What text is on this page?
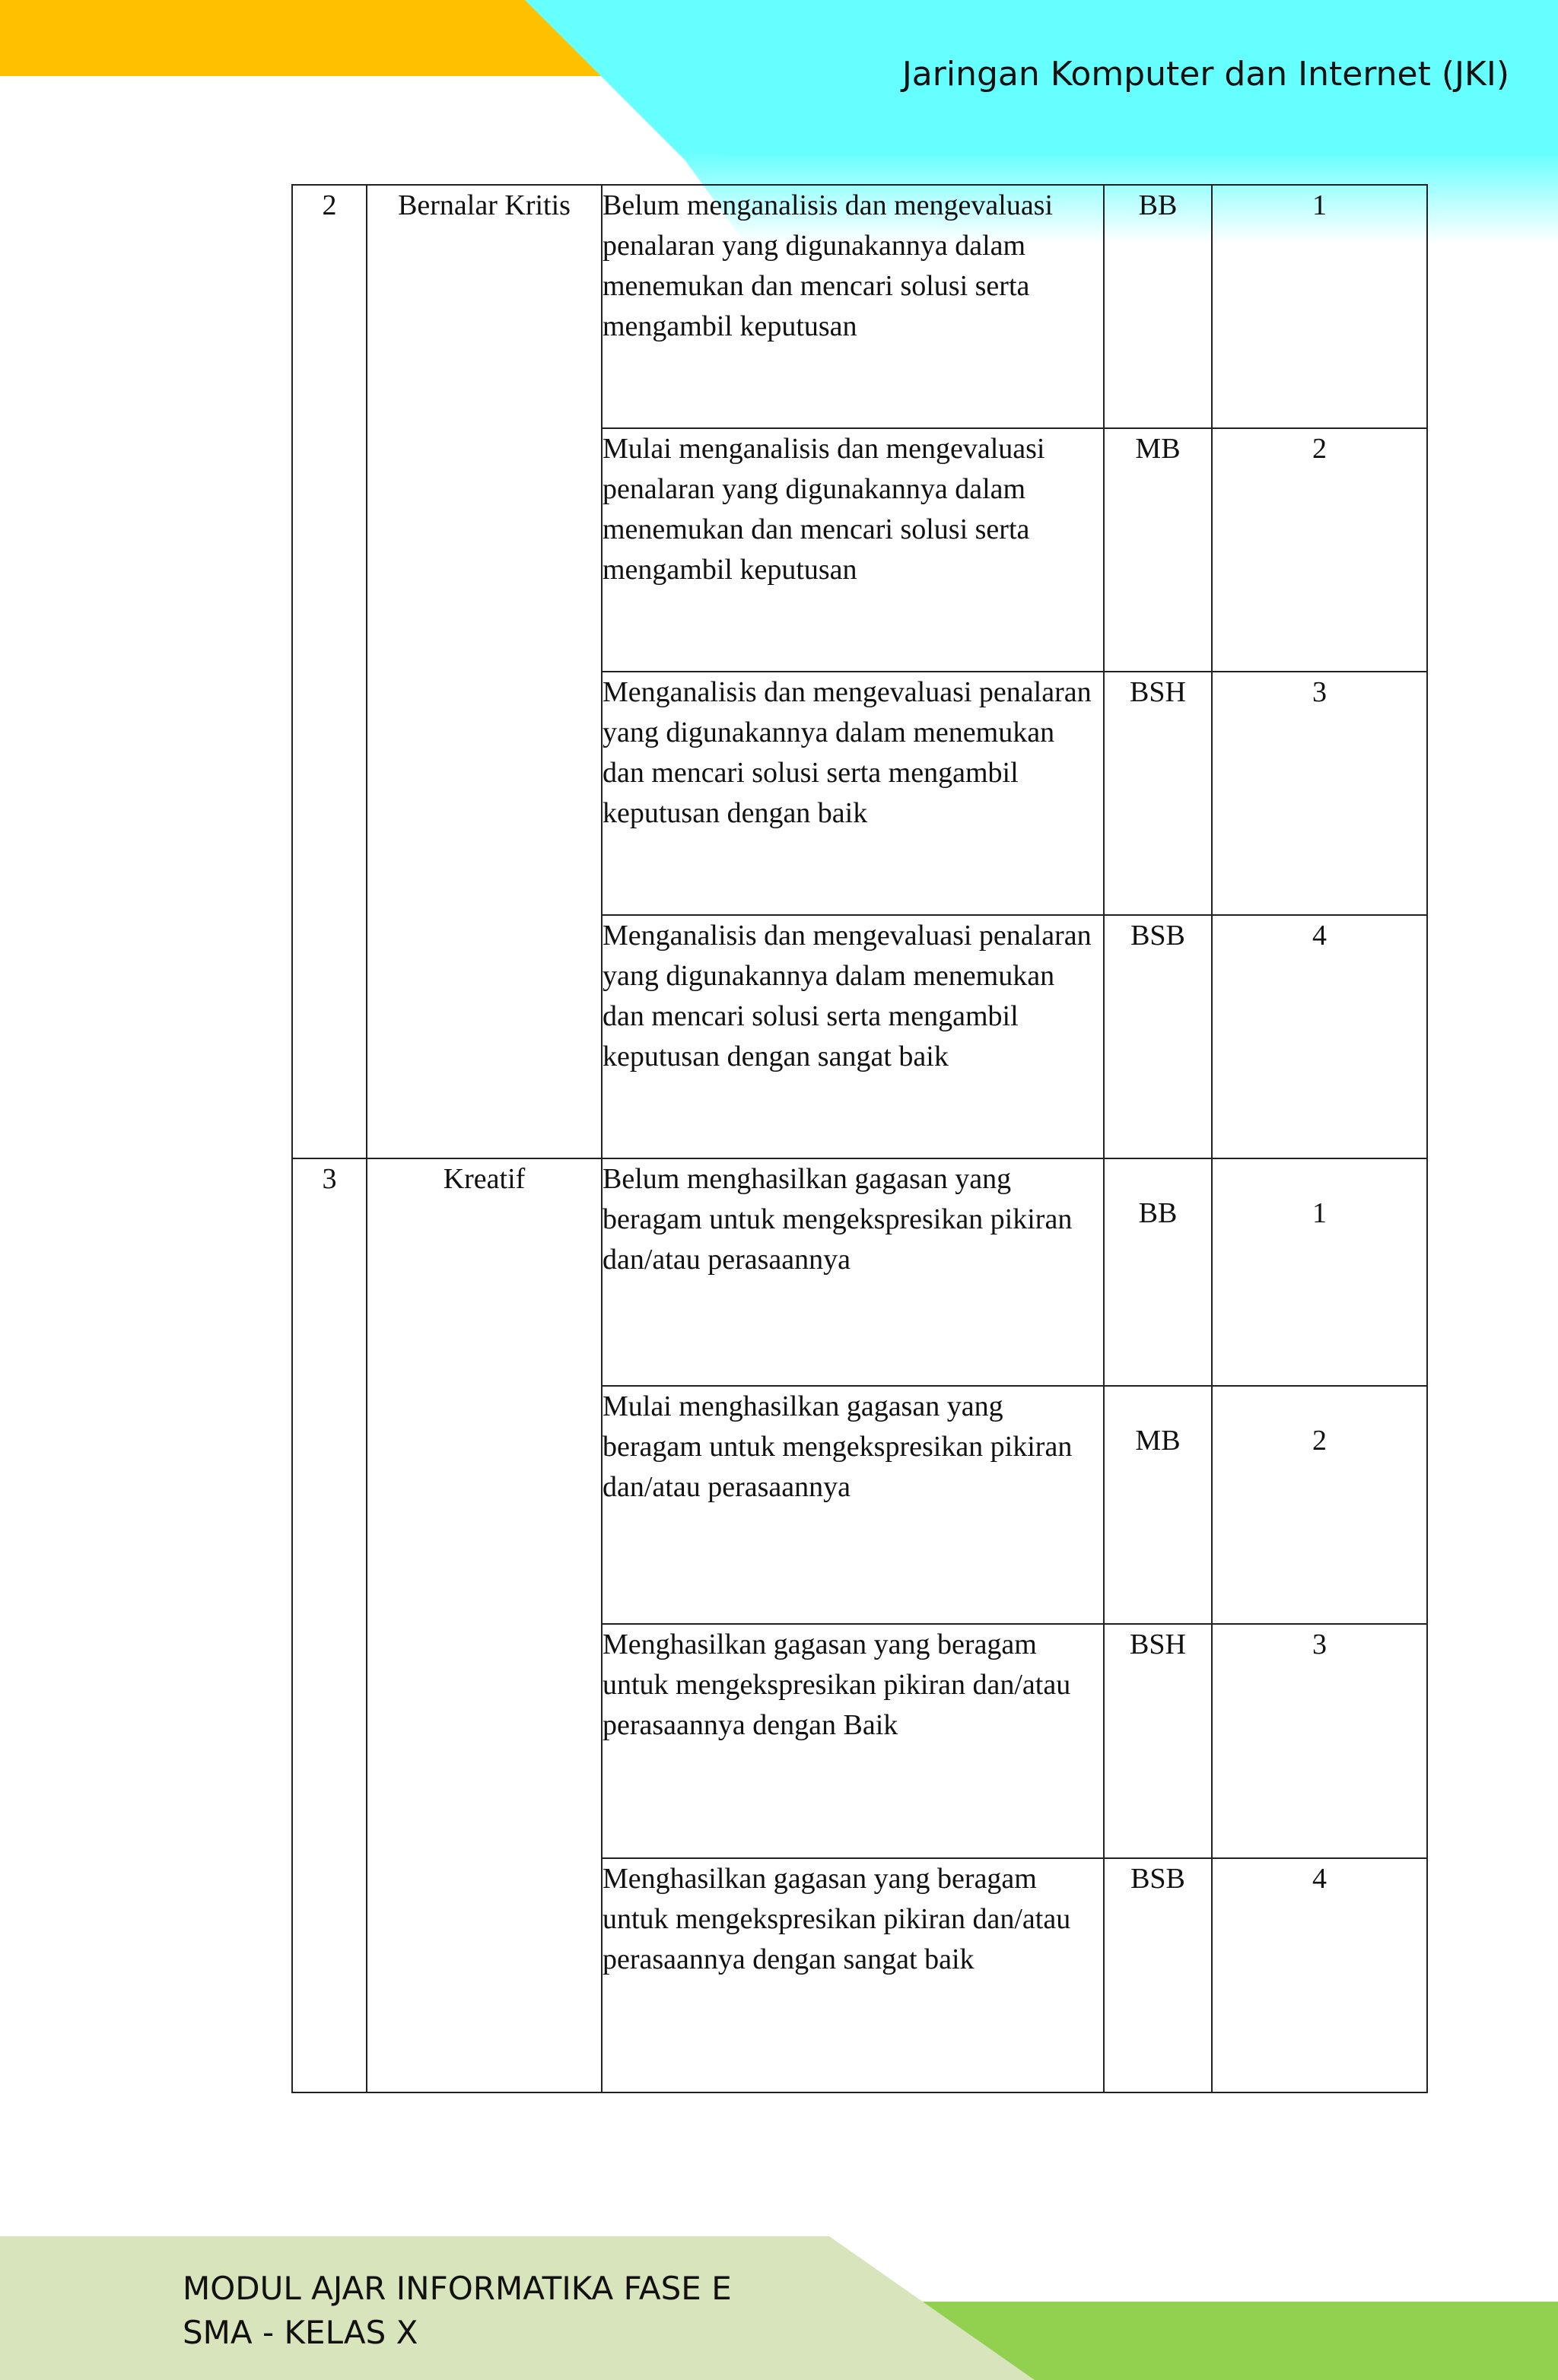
Jaringan Komputer dan Internet (JKI)
2	Bernalar Kritis	Belum menganalisis dan mengevaluasi penalaran yang digunakannya dalam menemukan dan mencari solusi serta mengambil keputusan	BB	1
		Mulai menganalisis dan mengevaluasi penalaran yang digunakannya dalam menemukan dan mencari solusi serta mengambil keputusan	MB	2
		Menganalisis dan mengevaluasi penalaran yang digunakannya dalam menemukan dan mencari solusi serta mengambil keputusan dengan baik	BSH	3
		Menganalisis dan mengevaluasi penalaran yang digunakannya dalam menemukan dan mencari solusi serta mengambil keputusan dengan sangat baik	BSB	4
3	Kreatif	Belum menghasilkan gagasan yang beragam untuk mengekspresikan pikiran dan/atau perasaannya	BB	1
		Mulai menghasilkan gagasan yang beragam untuk mengekspresikan pikiran dan/atau perasaannya	MB	2
		Menghasilkan gagasan yang beragam untuk mengekspresikan pikiran dan/atau perasaannya dengan Baik	BSH	3
		Menghasilkan gagasan yang beragam untuk mengekspresikan pikiran dan/atau perasaannya dengan sangat baik	BSB	4
MODUL AJAR INFORMATIKA FASE E
SMA - KELAS X
